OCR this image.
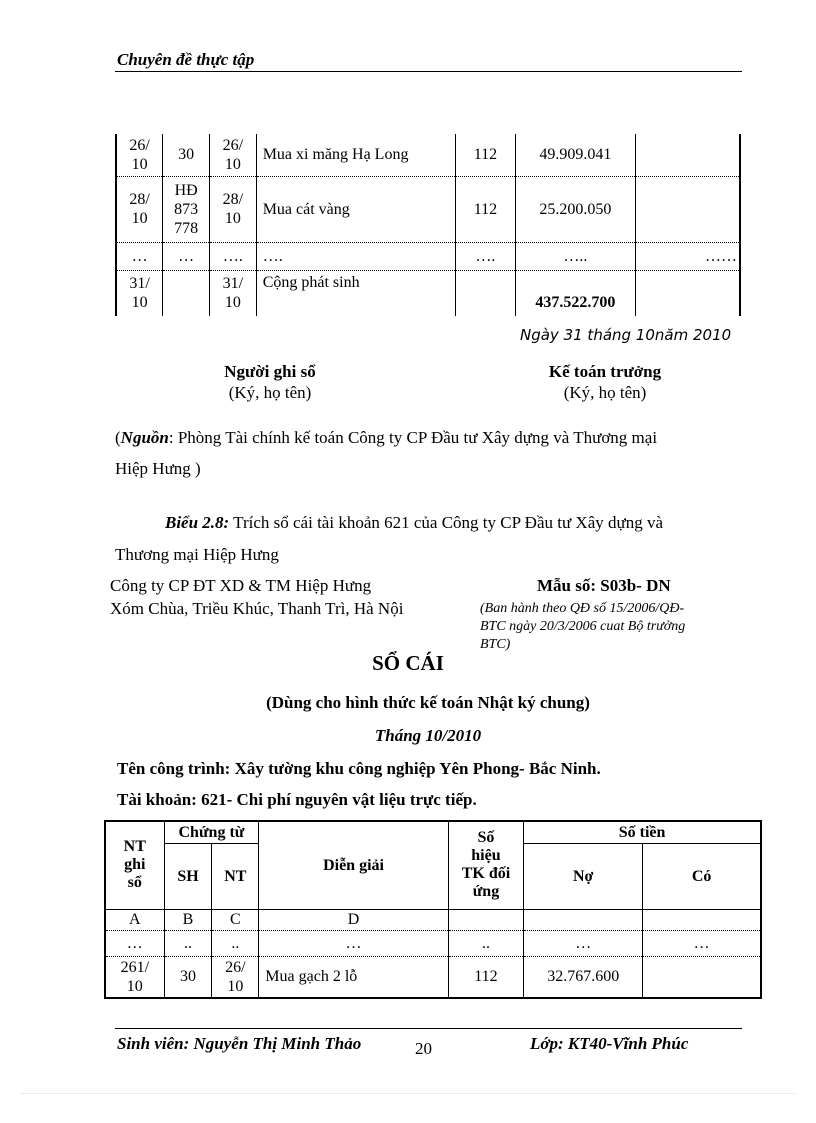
Chuyên đề thực tập
26/
10	30	26/
10	Mua xi măng Hạ Long	112	49.909.041	
28/
10	HĐ
873
778	28/
10	Mua cát vàng	112	25.200.050	
…	…	….	….	….	…..	……
31/
10		31/
10	Cộng phát sinh		437.522.700	
Ngày 31 tháng 10năm 2010
Người ghi sổ
(Ký, họ tên)
Kế toán trưởng
(Ký, họ tên)
(Nguồn: Phòng Tài chính kế toán Công ty CP Đầu tư Xây dựng và Thương mại
Hiệp Hưng )
Biểu 2.8: Trích sổ cái tài khoản 621 của Công ty CP Đầu tư Xây dựng và
Thương mại Hiệp Hưng
Công ty CP ĐT XD & TM Hiệp Hưng
Xóm Chùa, Triều Khúc, Thanh Trì, Hà Nội
Mẫu số: S03b- DN
(Ban hành theo QĐ số 15/2006/QĐ-
BTC ngày 20/3/2006 cuat Bộ trưởng
BTC)
SỔ CÁI
(Dùng cho hình thức kế toán Nhật ký chung)
Tháng 10/2010
Tên công trình: Xây tường khu công nghiệp Yên Phong- Bắc Ninh.
Tài khoản: 621- Chi phí nguyên vật liệu trực tiếp.
NT
ghi
sổ	Chứng từ		Diễn giải	Số
hiệu
TK đối
ứng	Số tiền	
	SH	NT			Nợ	Có
A	B	C	D			
…	..	..	…	..	…	…
261/
10	30	26/
10	Mua gạch 2 lỗ	112	32.767.600	
Sinh viên: Nguyễn Thị Minh Thảo	20	Lớp: KT40-Vĩnh Phúc
